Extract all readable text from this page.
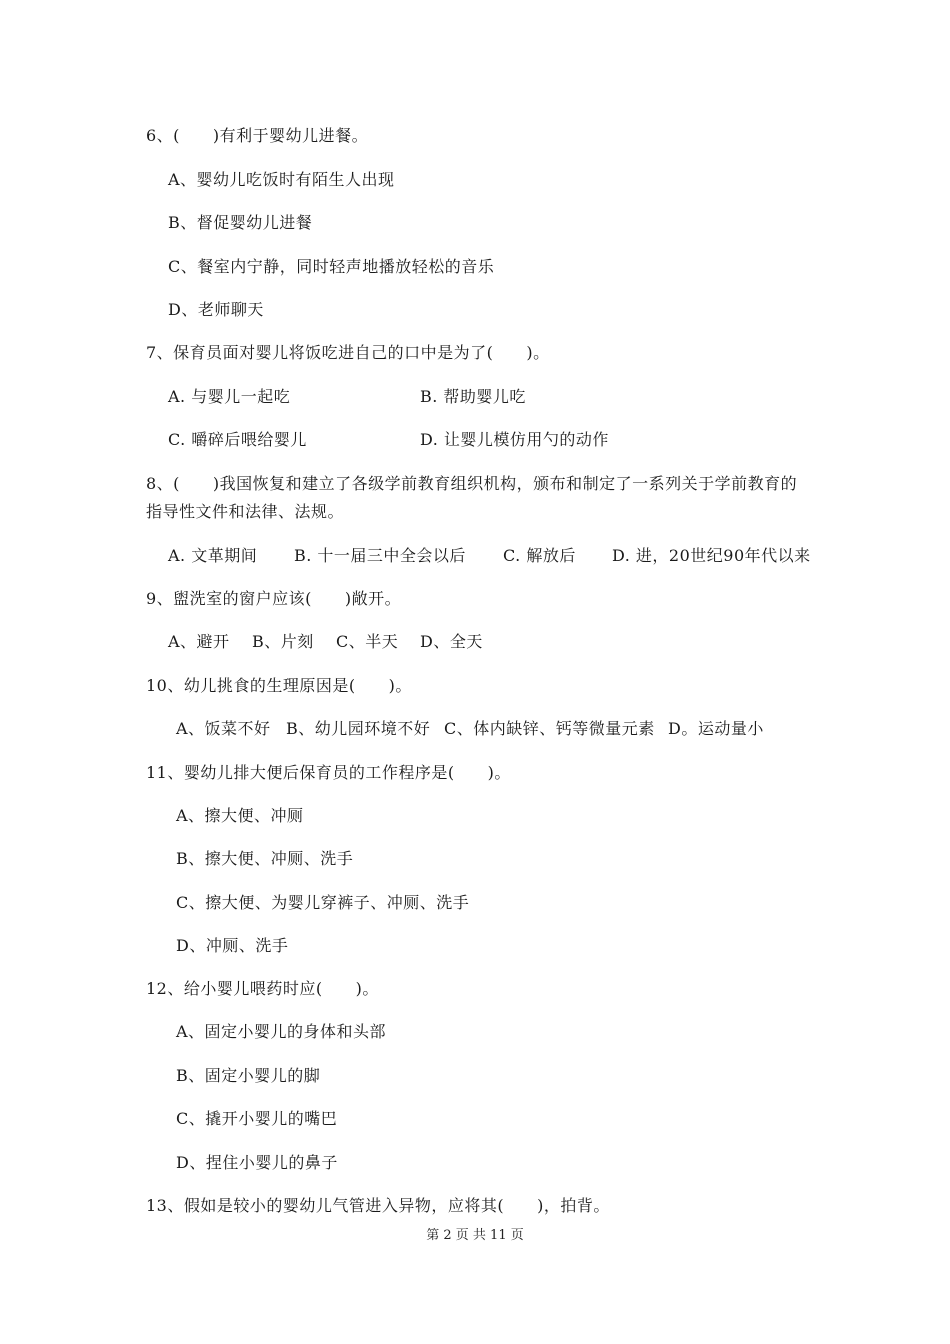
6、(　　)有利于婴幼儿进餐。
A、婴幼儿吃饭时有陌生人出现
B、督促婴幼儿进餐
C、餐室内宁静，同时轻声地播放轻松的音乐
D、老师聊天
7、保育员面对婴儿将饭吃进自己的口中是为了(　　)。
A. 与婴儿一起吃	B. 帮助婴儿吃
C. 嚼碎后喂给婴儿	D. 让婴儿模仿用勺的动作
8、(　　)我国恢复和建立了各级学前教育组织机构，颁布和制定了一系列关于学前教育的
指导性文件和法律、法规。
A. 文革期间 B. 十一届三中全会以后 C. 解放后 D. 进，20世纪90年代以来
9、盥洗室的窗户应该(　　)敞开。
A、避开 B、片刻 C、半天 D、全天
10、幼儿挑食的生理原因是(　　)。
A、饭菜不好 B、幼儿园环境不好 C、体内缺锌、钙等微量元素 D。运动量小
11、婴幼儿排大便后保育员的工作程序是(　　)。
A、擦大便、冲厕
B、擦大便、冲厕、洗手
C、擦大便、为婴儿穿裤子、冲厕、洗手
D、冲厕、洗手
12、给小婴儿喂药时应(　　)。
A、固定小婴儿的身体和头部
B、固定小婴儿的脚
C、撬开小婴儿的嘴巴
D、捏住小婴儿的鼻子
13、假如是较小的婴幼儿气管进入异物，应将其(　　)，拍背。
第 2 页 共 11 页
